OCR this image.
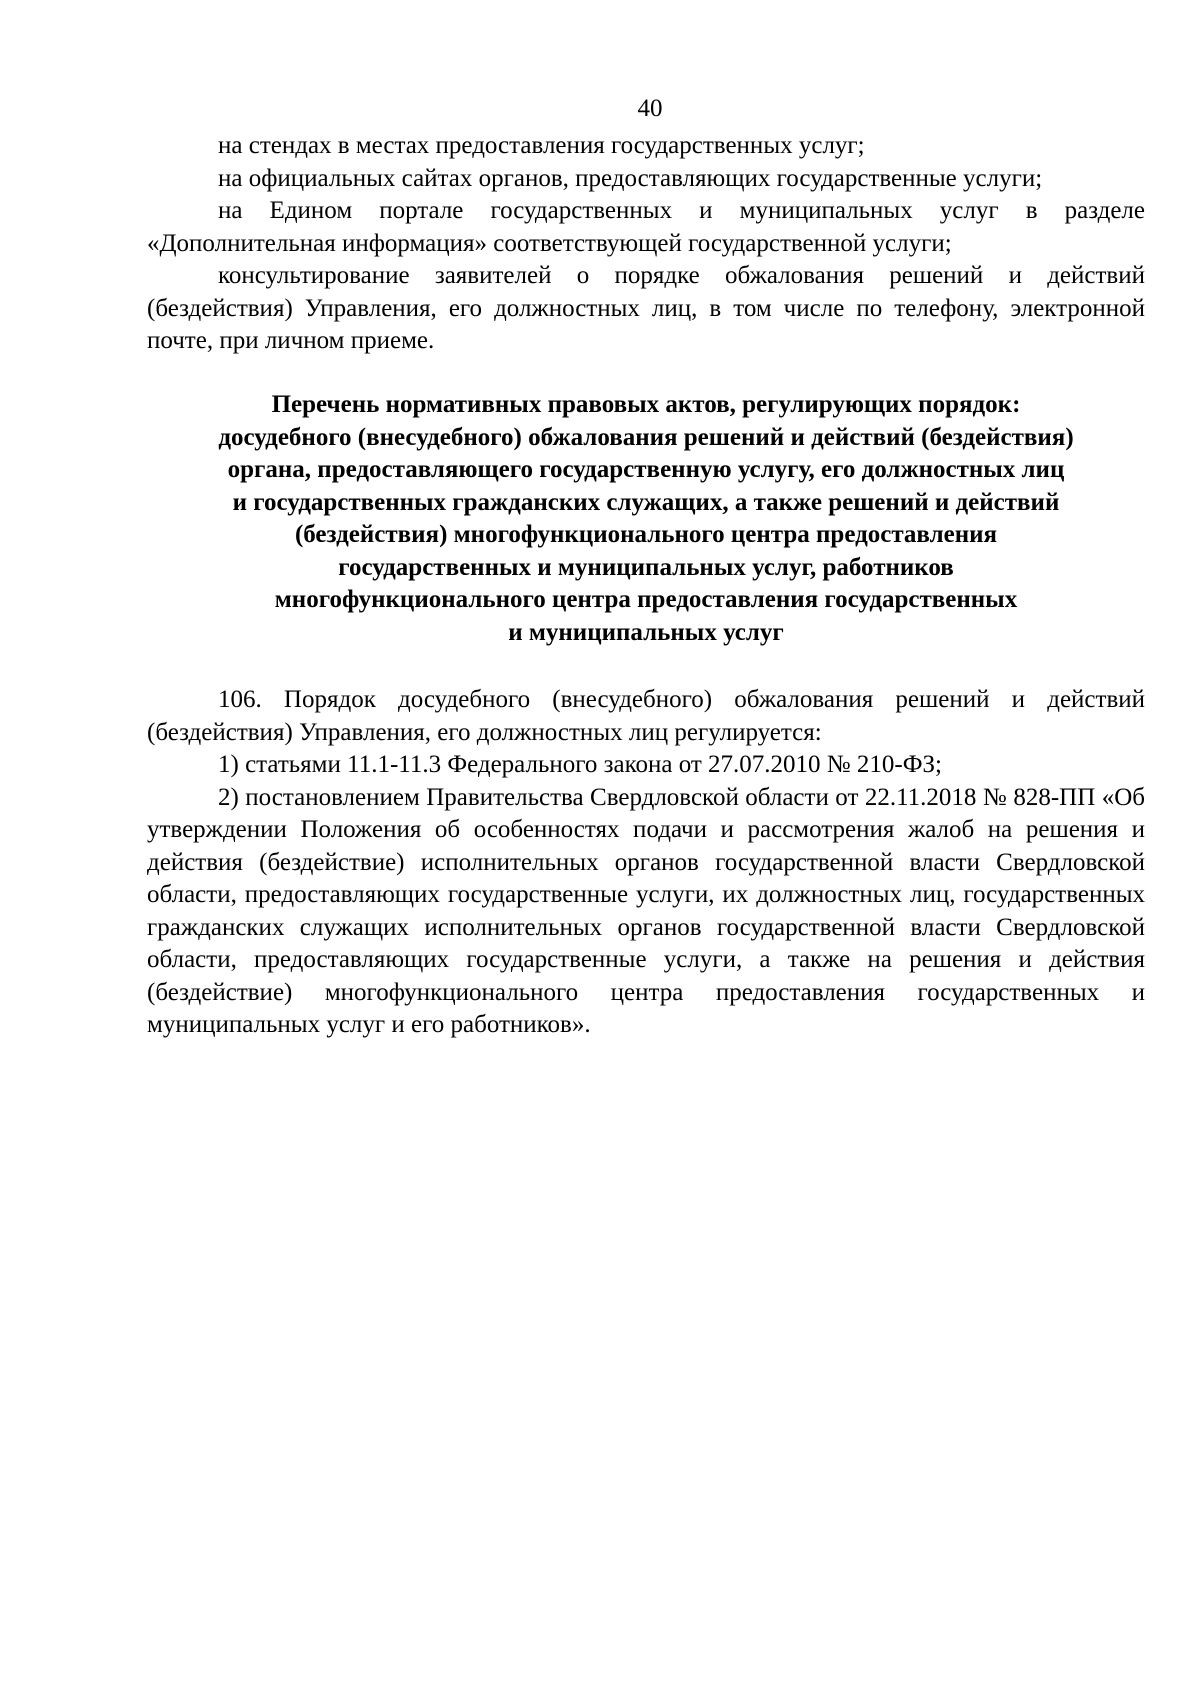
40

на стендах в местах предоставления государственных услуг;

на официальных сайтах органов, предоставляющих государственные услуги;

на Едином портале государственных и муниципальных услуг в разделе «Дополнительная информация» соответствующей государственной услуги;

консультирование заявителей о порядке обжалования решений и действий (бездействия) Управления, его должностных лиц, в том числе по телефону, электронной почте, при личном приеме.

Перечень нормативных правовых актов, регулирующих порядок:
досудебного (внесудебного) обжалования решений и действий (бездействия)
органа, предоставляющего государственную услугу, его должностных лиц
и государственных гражданских служащих, а также решений и действий
(бездействия) многофункционального центра предоставления
государственных и муниципальных услуг, работников
многофункционального центра предоставления государственных
и муниципальных услуг

106. Порядок досудебного (внесудебного) обжалования решений и действий (бездействия) Управления, его должностных лиц регулируется:

1) статьями 11.1-11.3 Федерального закона от 27.07.2010 № 210-ФЗ;

2) постановлением Правительства Свердловской области от 22.11.2018 № 828-ПП «Об утверждении Положения об особенностях подачи и рассмотрения жалоб на решения и действия (бездействие) исполнительных органов государственной власти Свердловской области, предоставляющих государственные услуги, их должностных лиц, государственных гражданских служащих исполнительных органов государственной власти Свердловской области, предоставляющих государственные услуги, а также на решения и действия (бездействие) многофункционального центра предоставления государственных и муниципальных услуг и его работников».
